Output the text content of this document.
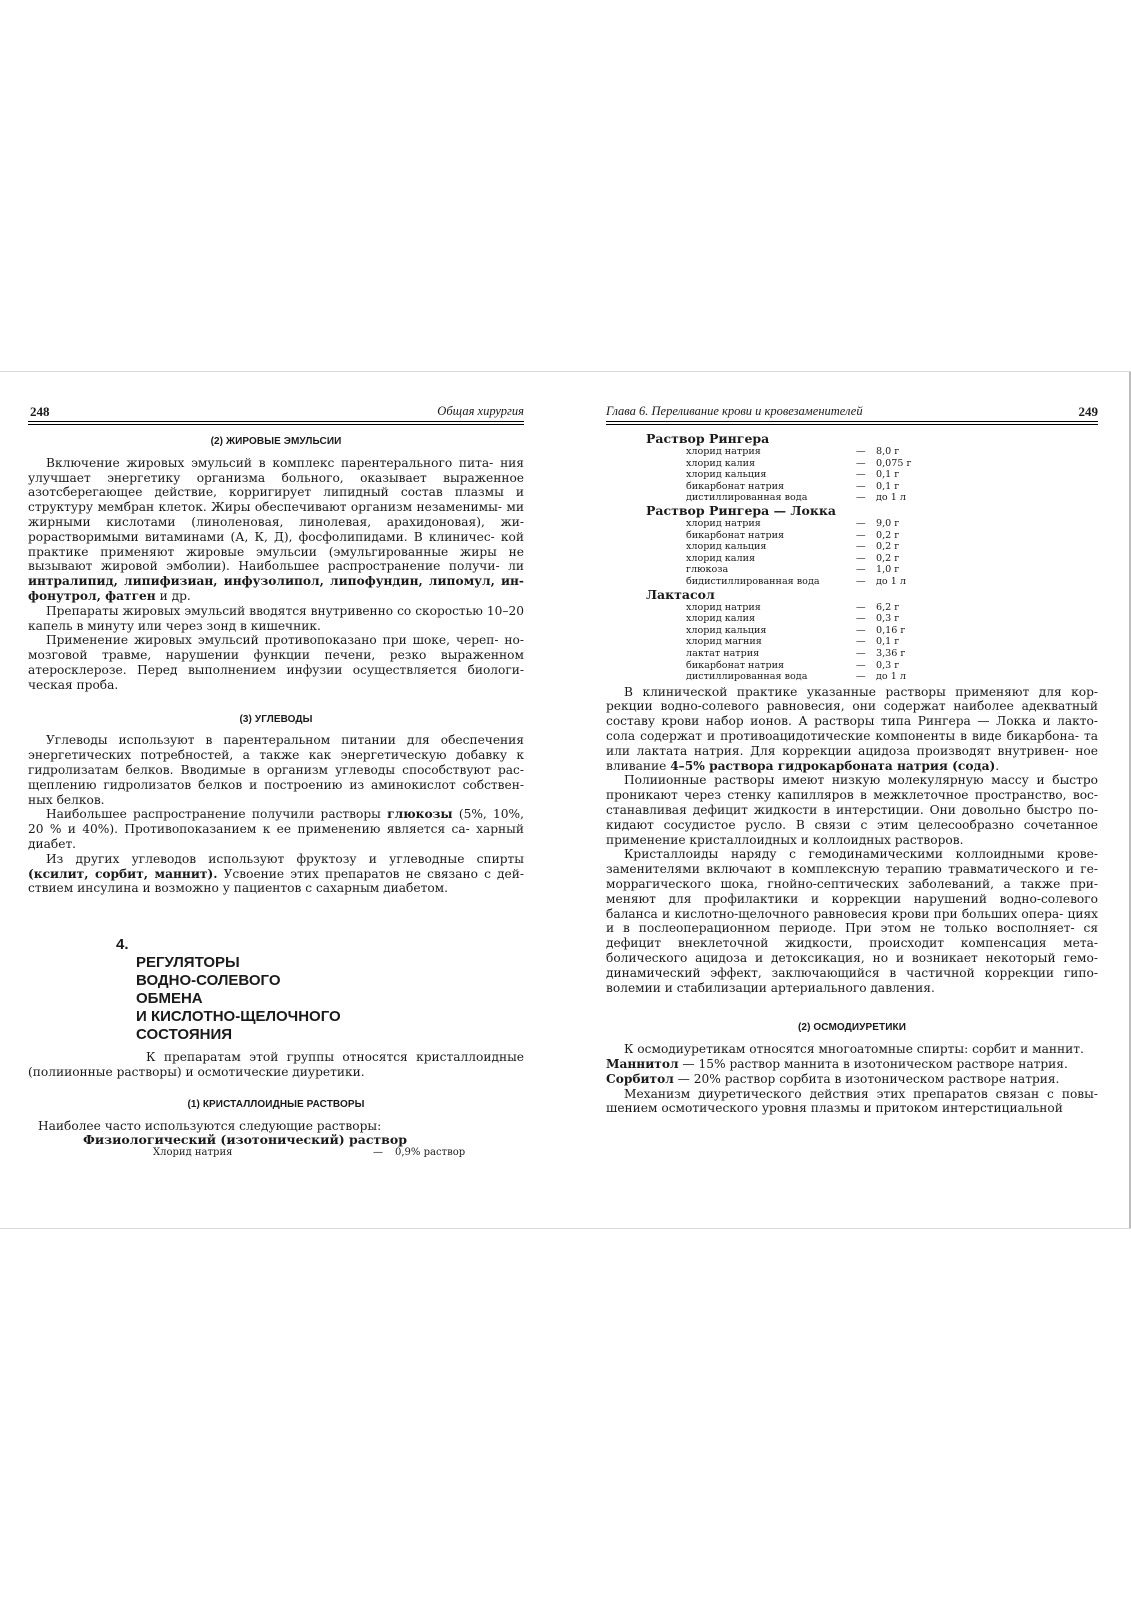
248	Общая хирургия
(2) ЖИРОВЫЕ ЭМУЛЬСИИ

Включение жировых эмульсий в комплекс парентерального пита- ния улучшает энергетику организма больного, оказывает выраженное азотсберегающее действие, корригирует липидный состав плазмы и структуру мембран клеток. Жиры обеспечивают организм незаменимы- ми жирными кислотами (линоленовая, линолевая, арахидоновая), жи- рорастворимыми витаминами (А, К, Д), фосфолипидами. В клиничес- кой практике применяют жировые эмульсии (эмульгированные жиры не вызывают жировой эмболии). Наибольшее распространение получи- ли интралипид, липифизиан, инфузолипол, липофундин, липомул, ин- фонутрол, фатген и др.

Препараты жировых эмульсий вводятся внутривенно со скоростью 10–20 капель в минуту или через зонд в кишечник.

Применение жировых эмульсий противопоказано при шоке, череп- но-мозговой травме, нарушении функции печени, резко выраженном атеросклерозе. Перед выполнением инфузии осуществляется биологи- ческая проба.

(3) УГЛЕВОДЫ

Углеводы используют в парентеральном питании для обеспечения энергетических потребностей, а также как энергетическую добавку к гидролизатам белков. Вводимые в организм углеводы способствуют рас- щеплению гидролизатов белков и построению из аминокислот собствен- ных белков.

Наибольшее распространение получили растворы глюкозы (5%, 10%, 20 % и 40%). Противопоказанием к ее применению является са- харный диабет.

Из других углеводов используют фруктозу и углеводные спирты (ксилит, сорбит, маннит). Усвоение этих препаратов не связано с дей- ствием инсулина и возможно у пациентов с сахарным диабетом.

4.
РЕГУЛЯТОРЫ
ВОДНО-СОЛЕВОГО
ОБМЕНА
И КИСЛОТНО-ЩЕЛОЧНОГО
СОСТОЯНИЯ

К препаратам этой группы относятся кристаллоидные (полиионные растворы) и осмотические диуретики.

(1) КРИСТАЛЛОИДНЫЕ РАСТВОРЫ

Наиболее часто используются следующие растворы:

Физиологический (изотонический) раствор
Хлорид натрия	—	0,9% раствор
Глава 6. Переливание крови и кровезаменителей	249
Раствор Рингера
хлорид натрия	—	8,0 г
хлорид калия	—	0,075 г
хлорид кальция	—	0,1 г
бикарбонат натрия	—	0,1 г
дистиллированная вода	—	до 1 л
Раствор Рингера — Локка
хлорид натрия	—	9,0 г
бикарбонат натрия	—	0,2 г
хлорид кальция	—	0,2 г
хлорид калия	—	0,2 г
глюкоза	—	1,0 г
бидистиллированная вода	—	до 1 л
Лактасол
хлорид натрия	—	6,2 г
хлорид калия	—	0,3 г
хлорид кальция	—	0,16 г
хлорид магния	—	0,1 г
лактат натрия	—	3,36 г
бикарбонат натрия	—	0,3 г
дистиллированная вода	—	до 1 л

В клинической практике указанные растворы применяют для кор- рекции водно-солевого равновесия, они содержат наиболее адекватный составу крови набор ионов. А растворы типа Рингера — Локка и лакто- сола содержат и противоацидотические компоненты в виде бикарбона- та или лактата натрия. Для коррекции ацидоза производят внутривен- ное вливание 4–5% раствора гидрокарбоната натрия (сода).

Полиионные растворы имеют низкую молекулярную массу и быстро проникают через стенку капилляров в межклеточное пространство, вос- станавливая дефицит жидкости в интерстиции. Они довольно быстро по- кидают сосудистое русло. В связи с этим целесообразно сочетанное применение кристаллоидных и коллоидных растворов.

Кристаллоиды наряду с гемодинамическими коллоидными крове- заменителями включают в комплексную терапию травматического и ге- моррагического шока, гнойно-септических заболеваний, а также при- меняют для профилактики и коррекции нарушений водно-солевого баланса и кислотно-щелочного равновесия крови при больших опера- циях и в послеоперационном периоде. При этом не только восполняет- ся дефицит внеклеточной жидкости, происходит компенсация мета- болического ацидоза и детоксикация, но и возникает некоторый гемо- динамический эффект, заключающийся в частичной коррекции гипо- волемии и стабилизации артериального давления.

(2) ОСМОДИУРЕТИКИ

К осмодиуретикам относятся многоатомные спирты: сорбит и маннит.

Маннитол — 15% раствор маннита в изотоническом растворе натрия.

Сорбитол — 20% раствор сорбита в изотоническом растворе натрия.

Механизм диуретического действия этих препаратов связан с повы- шением осмотического уровня плазмы и притоком интерстициальной
